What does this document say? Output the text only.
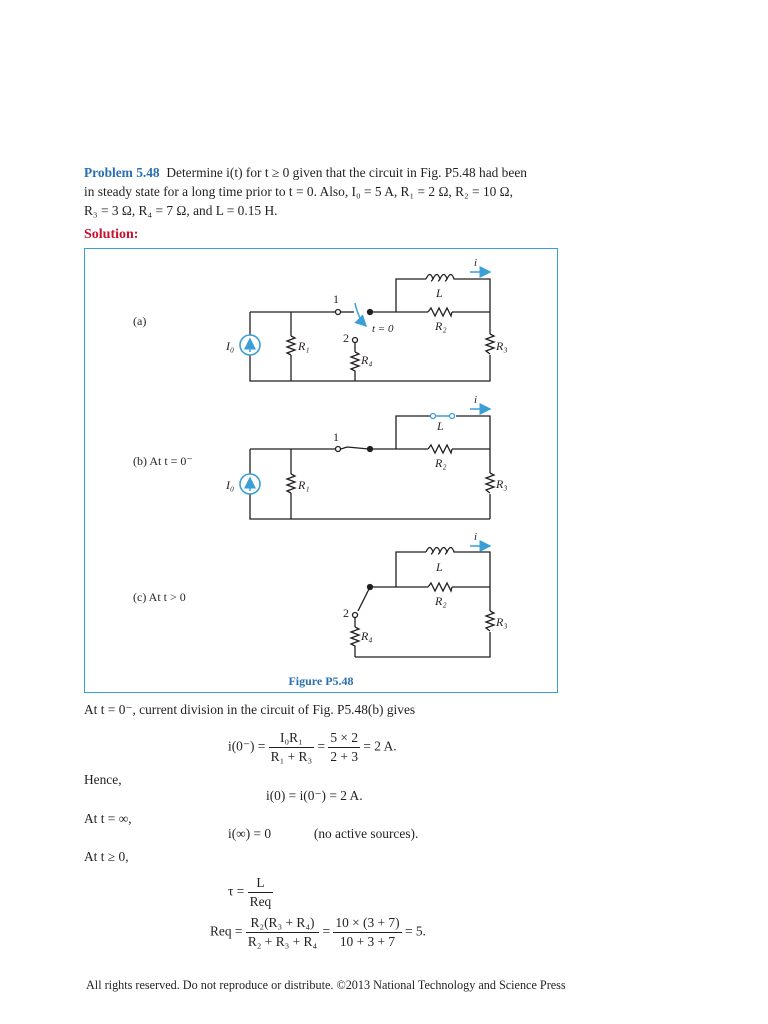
Problem 5.48 Determine i(t) for t ≥ 0 given that the circuit in Fig. P5.48 had been
in steady state for a long time prior to t = 0. Also, I₀ = 5 A, R₁ = 2 Ω, R₂ = 10 Ω,
R₃ = 3 Ω, R₄ = 7 Ω, and L = 0.15 H.
Solution:
(a)
I₀	R₁
1
2
t = 0
R₄
R₂
L
R₃
i
(b) At t = 0⁻
I₀	R₁
1
R₂
L
R₃
i
(c) At t > 0
2
R₄
R₂
L
R₃
i
Figure P5.48
At t = 0⁻, current division in the circuit of Fig. P5.48(b) gives
$i(0^-) = \frac{\text{I₀R₁}}{\text{R₁ + R₃}} = \frac{5 \times 2}{2 + 3} = 2$ A.
Hence,
i(0) = i(0⁻) = 2 A.
At t = ∞,
i(∞) = 0	(no active sources).
At t ≥ 0,
$\tau = \frac{L}{\text{Req}}$
Req = $\frac{\text{R₂(R₃ + R₄)}}{\text{R₂ + R₃ + R₄}} = \frac{10 \times (3 + 7)}{10 + 3 + 7} = 5$.
All rights reserved. Do not reproduce or distribute. ©2013 National Technology and Science Press
